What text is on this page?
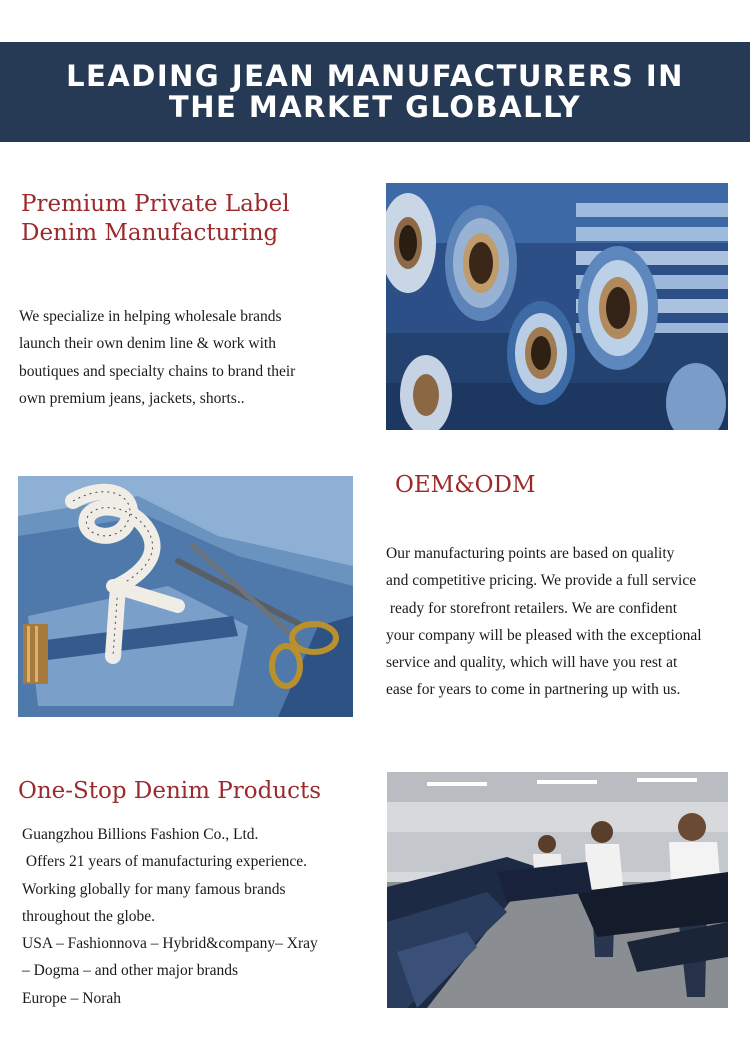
LEADING JEAN MANUFACTURERS IN
THE MARKET GLOBALLY
Premium Private Label
Denim Manufacturing
We specialize in helping wholesale brands
launch their own denim line & work with
boutiques and specialty chains to brand their
own premium jeans, jackets, shorts..
OEM&ODM
Our manufacturing points are based on quality
and competitive pricing. We provide a full service
ready for storefront retailers. We are confident
your company will be pleased with the exceptional
service and quality, which will have you rest at
ease for years to come in partnering up with us.
One-Stop Denim Products
Guangzhou Billions Fashion Co., Ltd.
Offers 21 years of manufacturing experience.
Working globally for many famous brands
throughout the globe.
USA – Fashionnova – Hybrid&company– Xray
– Dogma – and other major brands
Europe – Norah
